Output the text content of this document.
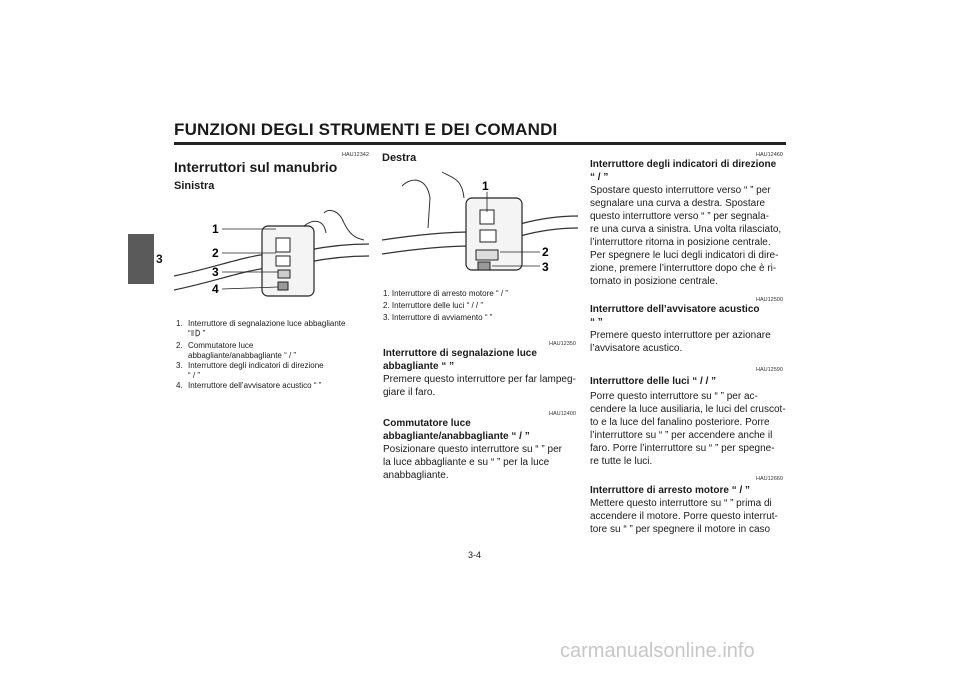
FUNZIONI DEGLI STRUMENTI E DEI COMANDI
3
HAU12342
Interruttori sul manubrio
Sinistra
1
2
3
4
1. Interruttore di segnalazione luce abbagliante
“ ”
2. Commutatore luce
abbagliante/anabbagliante “ / ”
3. Interruttore degli indicatori di direzione
“ / ”
4. Interruttore dell’avvisatore acustico “ ”
Destra
1
2
3
1. Interruttore di arresto motore “ / ”
2. Interruttore delle luci “ / / ”
3. Interruttore di avviamento “ ”
HAU12350
Interruttore di segnalazione luce
abbagliante “ ”
Premere questo interruttore per far lampeg-
giare il faro.
HAU12400
Commutatore luce
abbagliante/anabbagliante “ / ”
Posizionare questo interruttore su “ ” per
la luce abbagliante e su “ ” per la luce
anabbagliante.
HAU12460
Interruttore degli indicatori di direzione
“ / ”
Spostare questo interruttore verso “ ” per
segnalare una curva a destra. Spostare
questo interruttore verso “ ” per segnala-
re una curva a sinistra. Una volta rilasciato,
l’interruttore ritorna in posizione centrale.
Per spegnere le luci degli indicatori di dire-
zione, premere l’interruttore dopo che è ri-
tornato in posizione centrale.
HAU12500
Interruttore dell’avvisatore acustico
“ ”
Premere questo interruttore per azionare
l’avvisatore acustico.
HAU12590
Interruttore delle luci “ / / ”
Porre questo interruttore su “ ” per ac-
cendere la luce ausiliaria, le luci del cruscot-
to e la luce del fanalino posteriore. Porre
l’interruttore su “ ” per accendere anche il
faro. Porre l’interruttore su “ ” per spegne-
re tutte le luci.
HAU12660
Interruttore di arresto motore “ / ”
Mettere questo interruttore su “ ” prima di
accendere il motore. Porre questo interrut-
tore su “ ” per spegnere il motore in caso
3-4
carmanualsonline.info
